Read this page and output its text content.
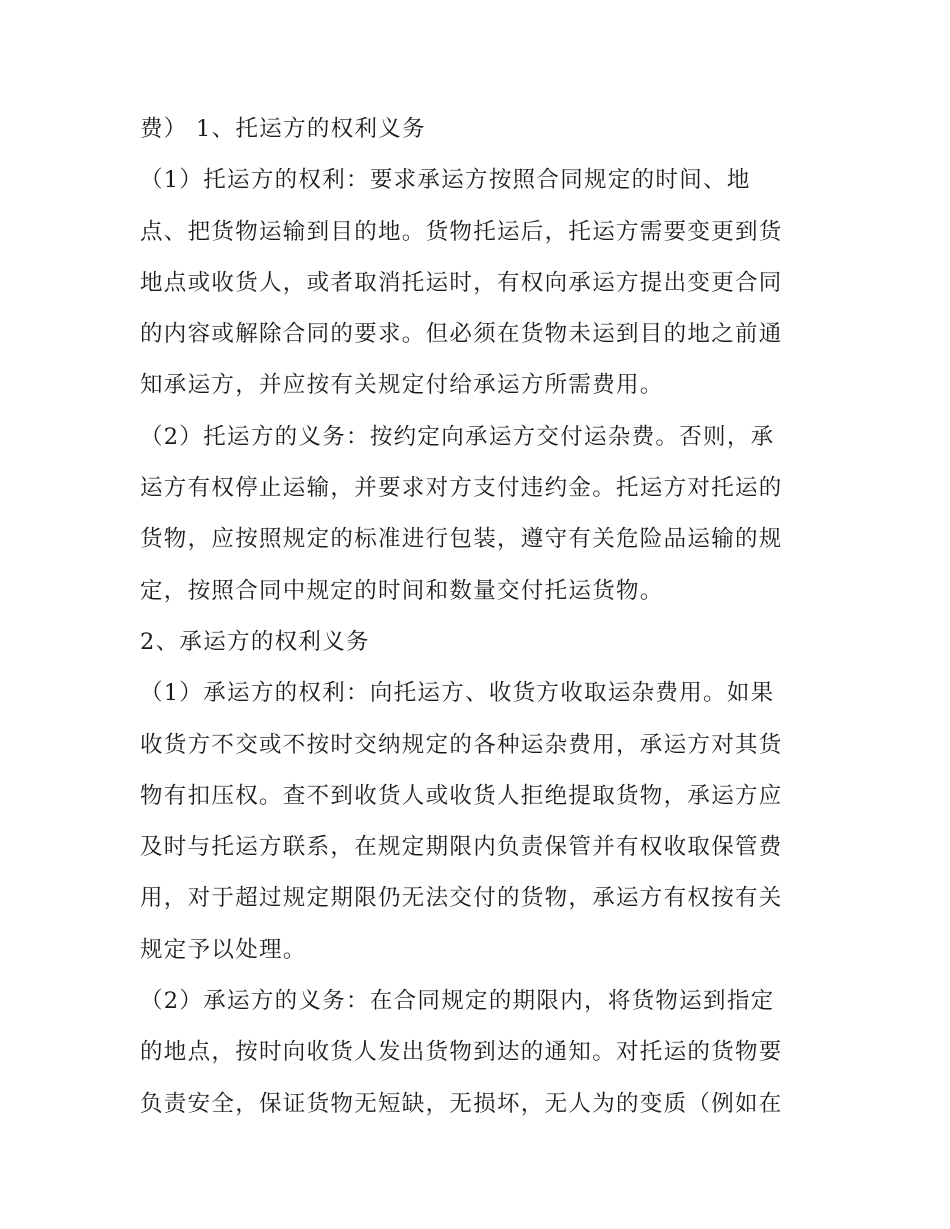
费） 1、托运方的权利义务
（1）托运方的权利：要求承运方按照合同规定的时间、地
点、把货物运输到目的地。货物托运后，托运方需要变更到货
地点或收货人，或者取消托运时，有权向承运方提出变更合同
的内容或解除合同的要求。但必须在货物未运到目的地之前通
知承运方，并应按有关规定付给承运方所需费用。
（2）托运方的义务：按约定向承运方交付运杂费。否则，承
运方有权停止运输，并要求对方支付违约金。托运方对托运的
货物，应按照规定的标准进行包装，遵守有关危险品运输的规
定，按照合同中规定的时间和数量交付托运货物。
2、承运方的权利义务
（1）承运方的权利：向托运方、收货方收取运杂费用。如果
收货方不交或不按时交纳规定的各种运杂费用，承运方对其货
物有扣压权。查不到收货人或收货人拒绝提取货物，承运方应
及时与托运方联系，在规定期限内负责保管并有权收取保管费
用，对于超过规定期限仍无法交付的货物，承运方有权按有关
规定予以处理。
（2）承运方的义务：在合同规定的期限内，将货物运到指定
的地点，按时向收货人发出货物到达的通知。对托运的货物要
负责安全，保证货物无短缺，无损坏，无人为的变质（例如在
